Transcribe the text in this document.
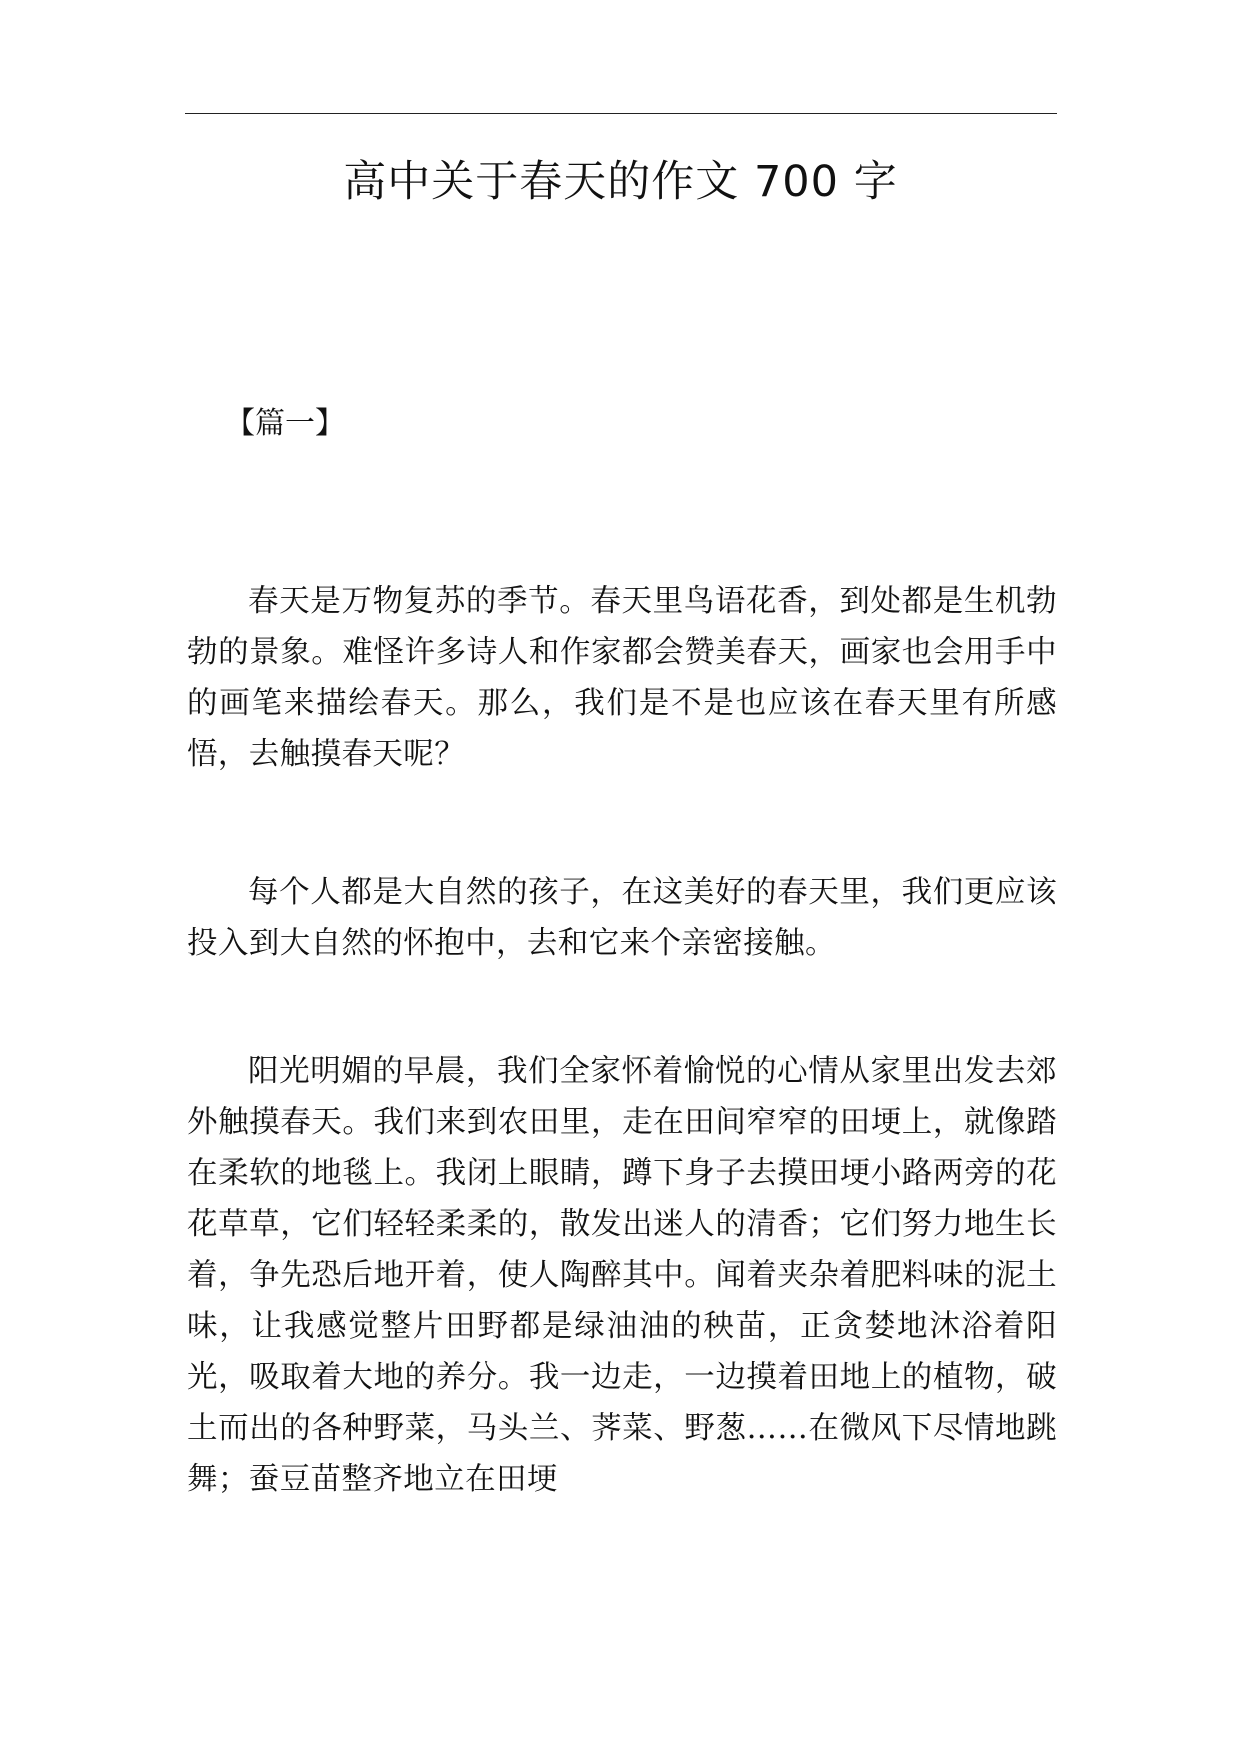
高中关于春天的作文 700 字
【篇一】

春天是万物复苏的季节。春天里鸟语花香，到处都是生机勃勃的景象。难怪许多诗人和作家都会赞美春天，画家也会用手中的画笔来描绘春天。那么，我们是不是也应该在春天里有所感悟，去触摸春天呢？

每个人都是大自然的孩子，在这美好的春天里，我们更应该投入到大自然的怀抱中，去和它来个亲密接触。

阳光明媚的早晨，我们全家怀着愉悦的心情从家里出发去郊外触摸春天。我们来到农田里，走在田间窄窄的田埂上，就像踏在柔软的地毯上。我闭上眼睛，蹲下身子去摸田埂小路两旁的花花草草，它们轻轻柔柔的，散发出迷人的清香；它们努力地生长着，争先恐后地开着，使人陶醉其中。闻着夹杂着肥料味的泥土味，让我感觉整片田野都是绿油油的秧苗，正贪婪地沐浴着阳光，吸取着大地的养分。我一边走，一边摸着田地上的植物，破土而出的各种野菜，马头兰、荠菜、野葱……在微风下尽情地跳舞；蚕豆苗整齐地立在田埂
